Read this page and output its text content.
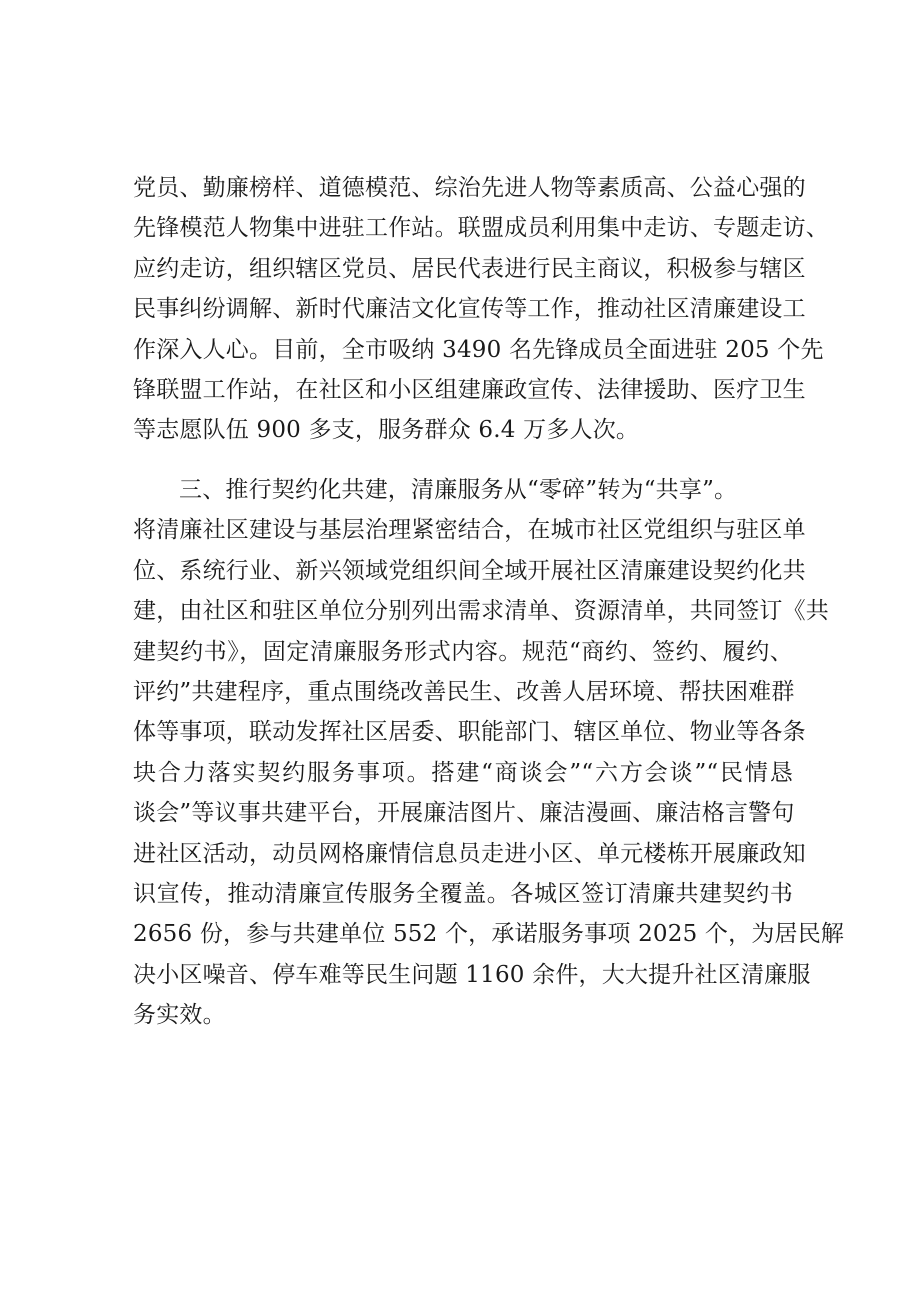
党员、勤廉榜样、道德模范、综治先进人物等素质高、公益心强的
先锋模范人物集中进驻工作站。联盟成员利用集中走访、专题走访、
应约走访，组织辖区党员、居民代表进行民主商议，积极参与辖区
民事纠纷调解、新时代廉洁文化宣传等工作，推动社区清廉建设工
作深入人心。目前，全市吸纳 3490 名先锋成员全面进驻 205 个先
锋联盟工作站，在社区和小区组建廉政宣传、法律援助、医疗卫生
等志愿队伍 900 多支，服务群众 6.4 万多人次。
三、推行契约化共建，清廉服务从“零碎”转为“共享”。
将清廉社区建设与基层治理紧密结合，在城市社区党组织与驻区单
位、系统行业、新兴领域党组织间全域开展社区清廉建设契约化共
建，由社区和驻区单位分别列出需求清单、资源清单，共同签订《共
建契约书》，固定清廉服务形式内容。规范“商约、签约、履约、
评约”共建程序，重点围绕改善民生、改善人居环境、帮扶困难群
体等事项，联动发挥社区居委、职能部门、辖区单位、物业等各条
块合力落实契约服务事项。搭建“商谈会”“六方会谈”“民情恳
谈会”等议事共建平台，开展廉洁图片、廉洁漫画、廉洁格言警句
进社区活动，动员网格廉情信息员走进小区、单元楼栋开展廉政知
识宣传，推动清廉宣传服务全覆盖。各城区签订清廉共建契约书
2656 份，参与共建单位 552 个，承诺服务事项 2025 个，为居民解
决小区噪音、停车难等民生问题 1160 余件，大大提升社区清廉服
务实效。
